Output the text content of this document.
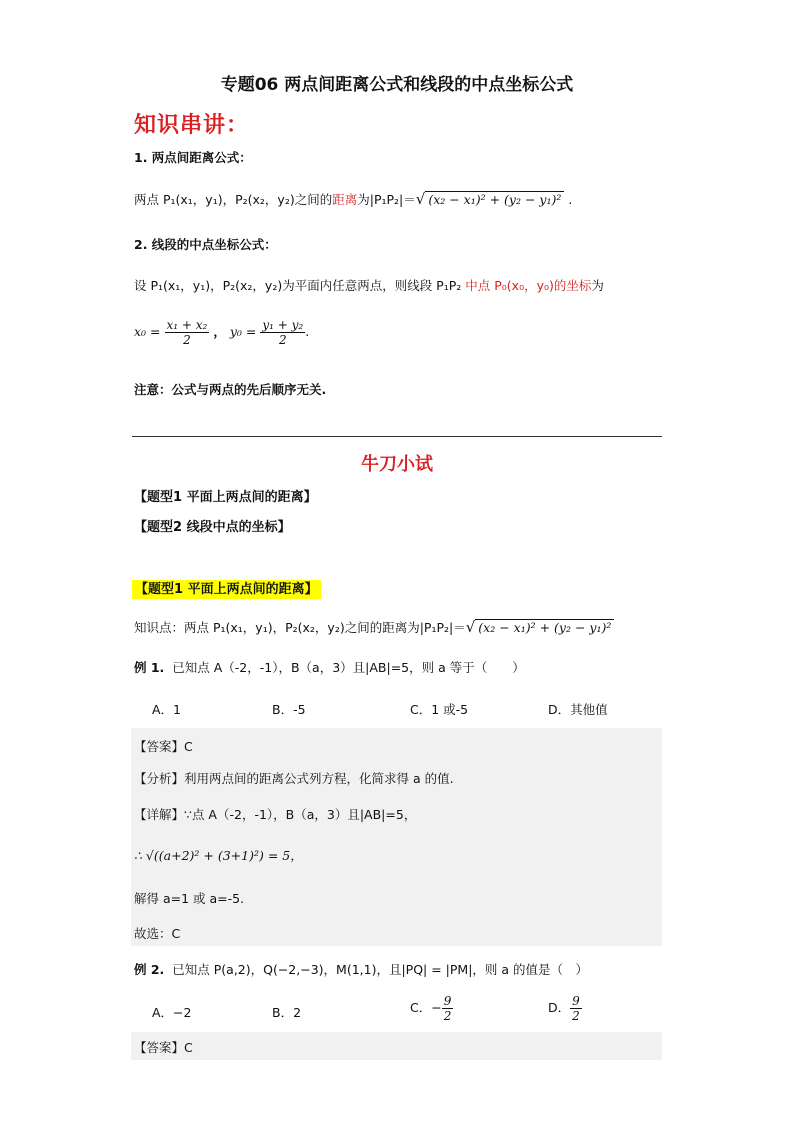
专题06 两点间距离公式和线段的中点坐标公式
知识串讲：
1. 两点间距离公式：
两点 P₁(x₁，y₁)，P₂(x₂，y₂)之间的距离为|P₁P₂|＝√ (x₂ − x₁)² + (y₂ − y₁)² .
2. 线段的中点坐标公式：
设 P₁(x₁，y₁)，P₂(x₂，y₂)为平面内任意两点，则线段 P₁P₂ 中点 P₀(x₀，y₀)的坐标为
$x_0 = \frac{\text{x₁ + x₂}}{2}$ ， $y_0 = \frac{\text{y₁ + y₂}}{2}$ .
注意：公式与两点的先后顺序无关.
牛刀小试
【题型1 平面上两点间的距离】
【题型2 线段中点的坐标】
【题型1 平面上两点间的距离】
知识点：两点 P₁(x₁，y₁)，P₂(x₂，y₂)之间的距离为|P₁P₂|＝√ (x₂ − x₁)² + (y₂ − y₁)²
例 1. 已知点 A（-2，-1），B（a，3）且|AB|=5，则 a 等于（　　）
A．1	B．-5	C．1 或-5	D．其他值
【答案】C
【分析】利用两点间的距离公式列方程，化简求得 a 的值.
【详解】∵点 A（-2，-1），B（a，3）且|AB|=5，
∴ √((a+2)² + (3+1)²) = 5，
解得 a=1 或 a=-5.
故选：C
例 2. 已知点 P(a,2)，Q(−2,−3)，M(1,1)，且|PQ| = |PM|，则 a 的值是（　）
A．−2	B．2	C．− $\frac{9}{2}$	D． $\frac{9}{2}$
【答案】C
